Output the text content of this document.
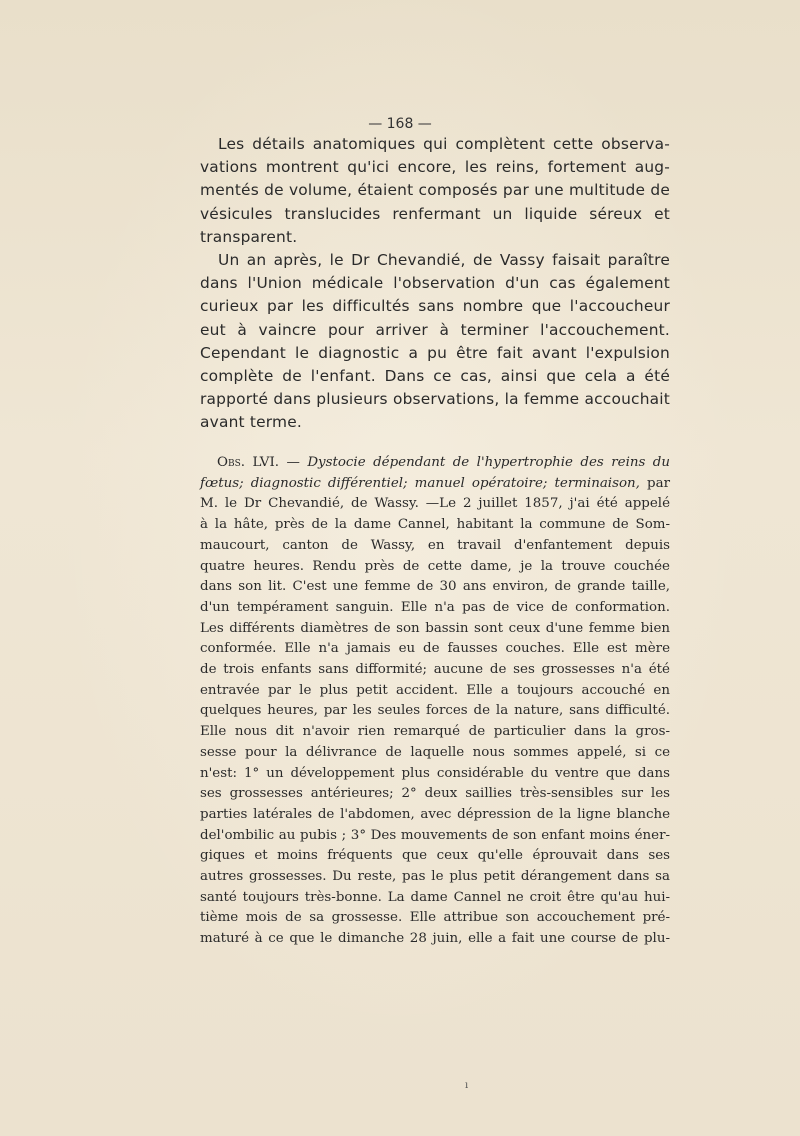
— 168 —
Les détails anatomiques qui complètent cette observa-
vations montrent qu'ici encore, les reins, fortement aug-
mentés de volume, étaient composés par une multitude de
vésicules translucides renfermant un liquide séreux et
transparent.
Un an après, le Dr Chevandié, de Vassy faisait paraître
dans l'Union médicale l'observation d'un cas également
curieux par les difficultés sans nombre que l'accoucheur
eut à vaincre pour arriver à terminer l'accouchement.
Cependant le diagnostic a pu être fait avant l'expulsion
complète de l'enfant. Dans ce cas, ainsi que cela a été
rapporté dans plusieurs observations, la femme accouchait
avant terme.
Obs. LVI. — Dystocie dépendant de l'hypertrophie des reins du
fœtus; diagnostic différentiel; manuel opératoire; terminaison, par
M. le Dr Chevandié, de Wassy. —Le 2 juillet 1857, j'ai été appelé
à la hâte, près de la dame Cannel, habitant la commune de Som-
maucourt, canton de Wassy, en travail d'enfantement depuis
quatre heures. Rendu près de cette dame, je la trouve couchée
dans son lit. C'est une femme de 30 ans environ, de grande taille,
d'un tempérament sanguin. Elle n'a pas de vice de conformation.
Les différents diamètres de son bassin sont ceux d'une femme bien
conformée. Elle n'a jamais eu de fausses couches. Elle est mère
de trois enfants sans difformité; aucune de ses grossesses n'a été
entravée par le plus petit accident. Elle a toujours accouché en
quelques heures, par les seules forces de la nature, sans difficulté.
Elle nous dit n'avoir rien remarqué de particulier dans la gros-
sesse pour la délivrance de laquelle nous sommes appelé, si ce
n'est: 1° un développement plus considérable du ventre que dans
ses grossesses antérieures; 2° deux saillies très-sensibles sur les
parties latérales de l'abdomen, avec dépression de la ligne blanche
del'ombilic au pubis ; 3° Des mouvements de son enfant moins éner-
giques et moins fréquents que ceux qu'elle éprouvait dans ses
autres grossesses. Du reste, pas le plus petit dérangement dans sa
santé toujours très-bonne. La dame Cannel ne croit être qu'au hui-
tième mois de sa grossesse. Elle attribue son accouchement pré-
maturé à ce que le dimanche 28 juin, elle a fait une course de plu-
ı
